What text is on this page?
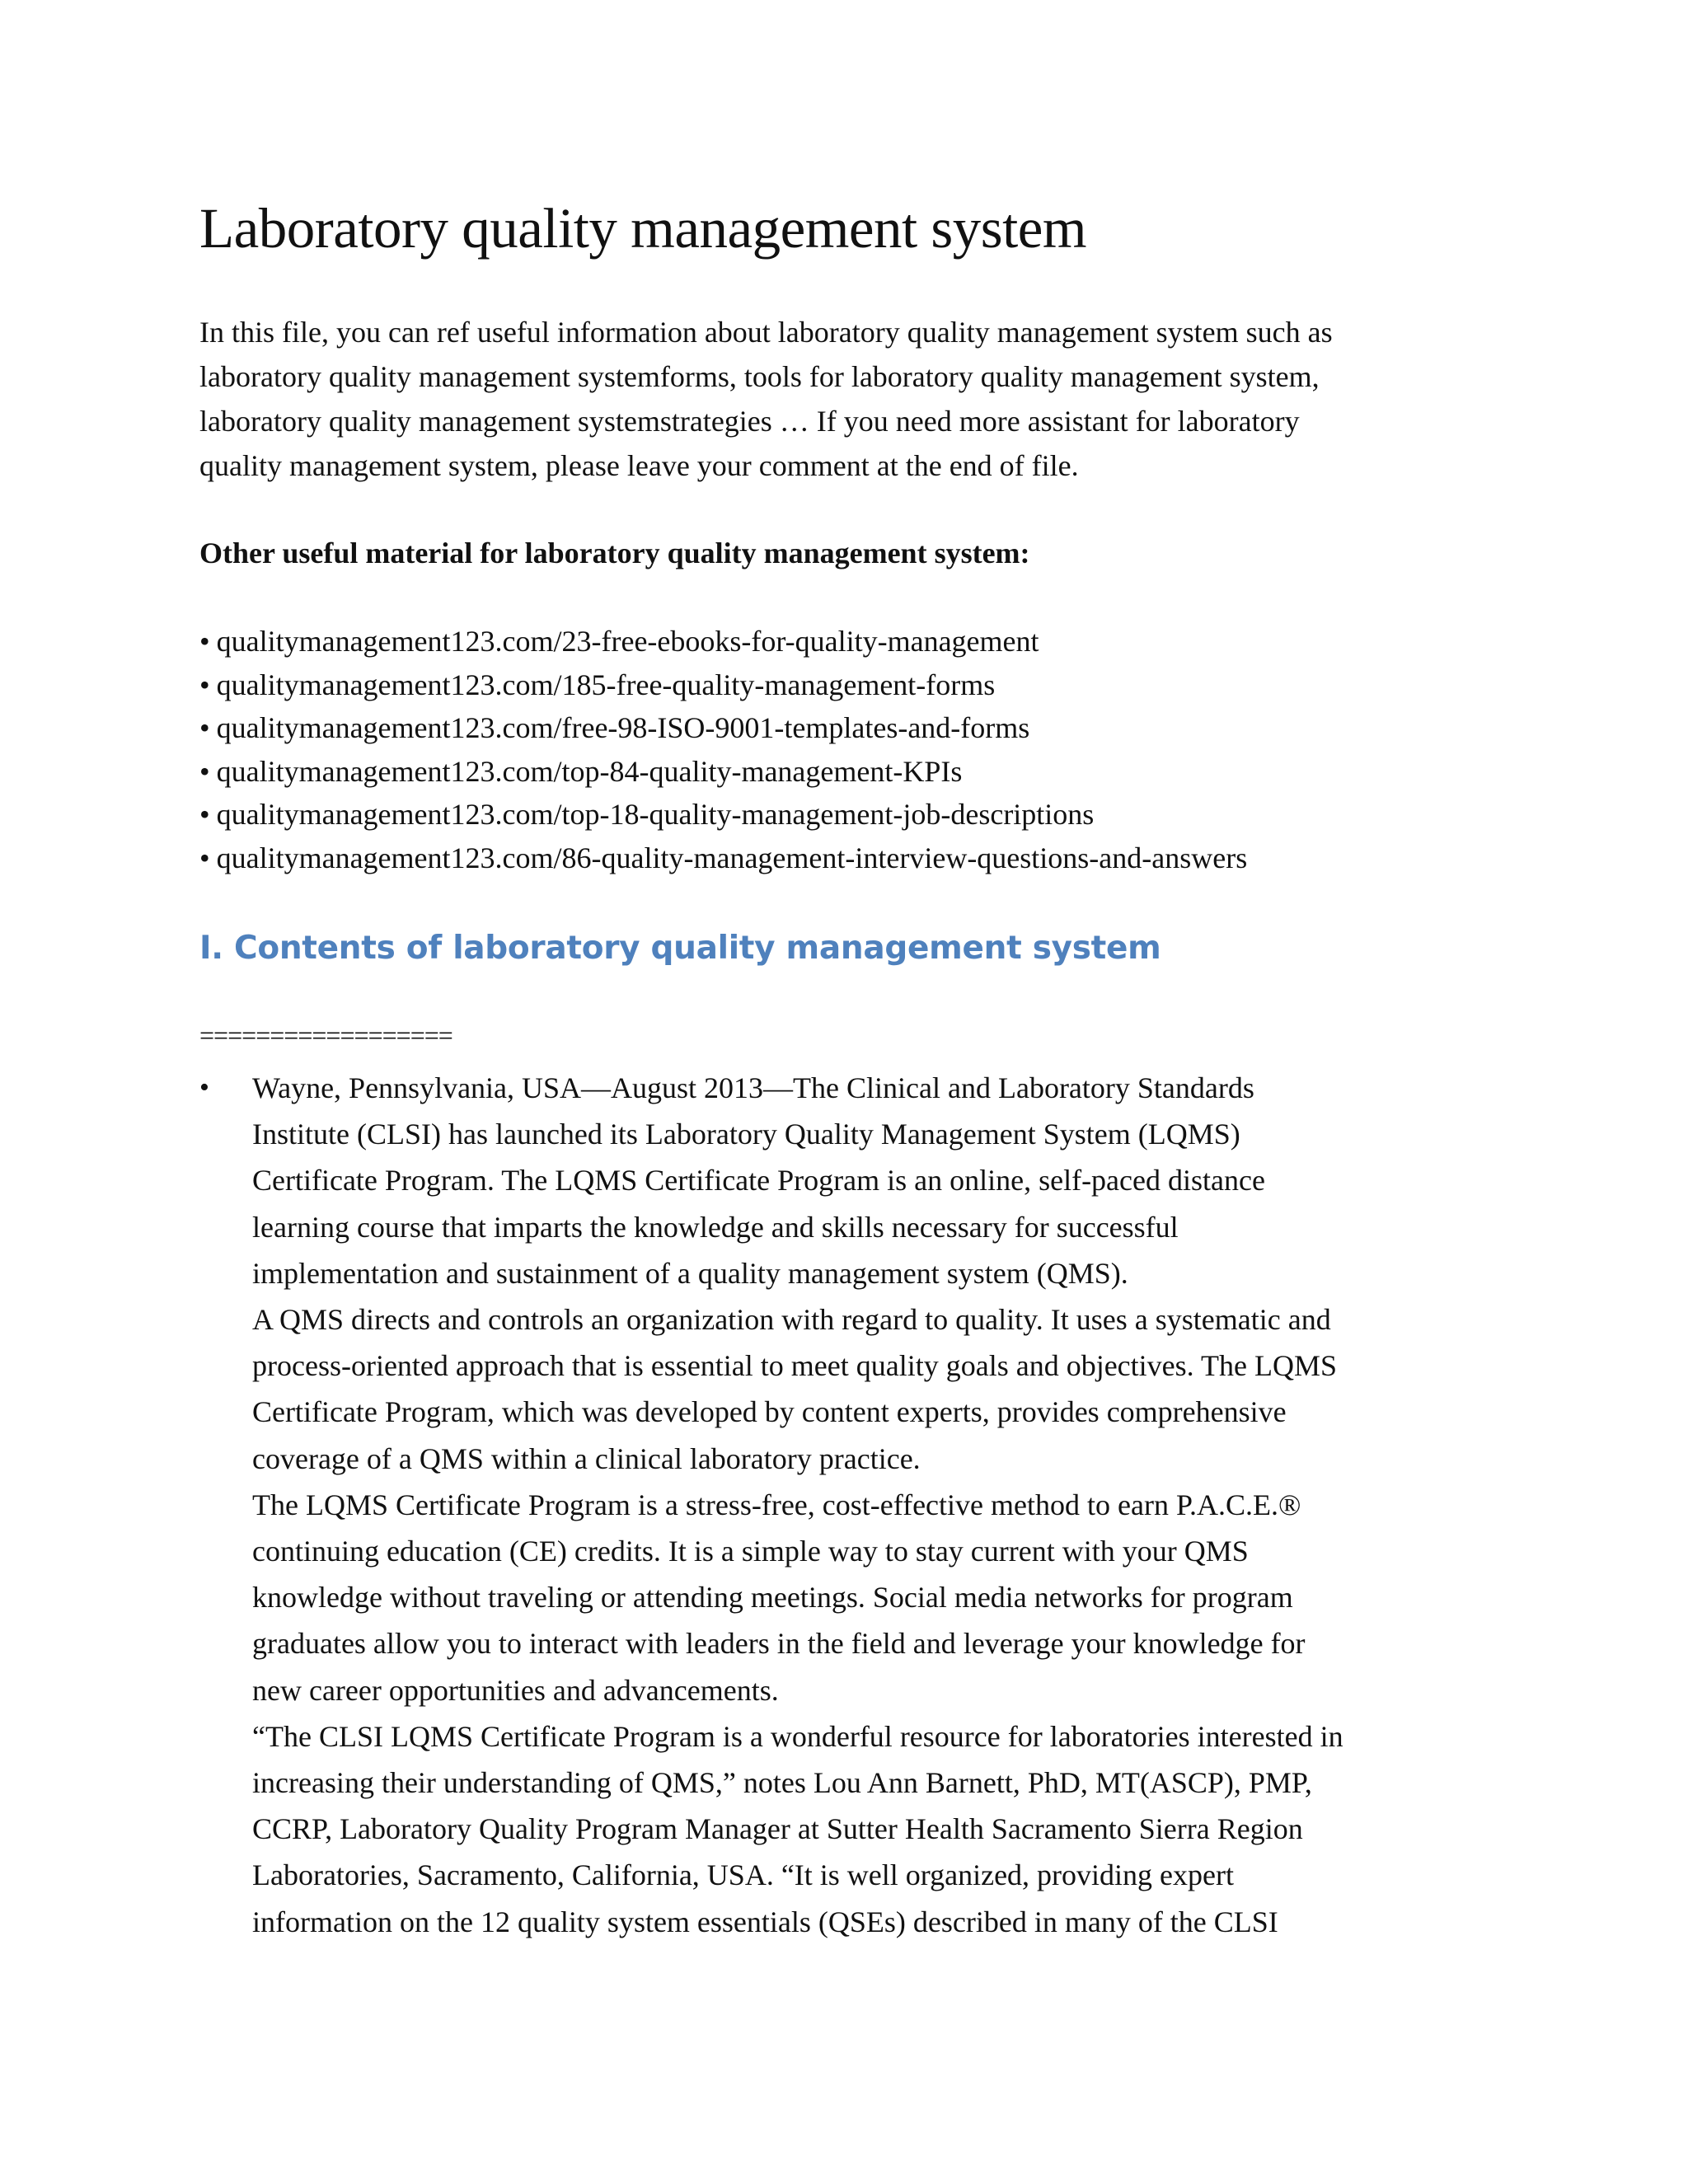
Laboratory quality management system
In this file, you can ref useful information about laboratory quality management system such as
laboratory quality management systemforms, tools for laboratory quality management system,
laboratory quality management systemstrategies … If you need more assistant for laboratory
quality management system, please leave your comment at the end of file.
Other useful material for laboratory quality management system:
• qualitymanagement123.com/23-free-ebooks-for-quality-management
• qualitymanagement123.com/185-free-quality-management-forms
• qualitymanagement123.com/free-98-ISO-9001-templates-and-forms
• qualitymanagement123.com/top-84-quality-management-KPIs
• qualitymanagement123.com/top-18-quality-management-job-descriptions
• qualitymanagement123.com/86-quality-management-interview-questions-and-answers
I. Contents of laboratory quality management system
==================
• Wayne, Pennsylvania, USA—August 2013—The Clinical and Laboratory Standards
Institute (CLSI) has launched its Laboratory Quality Management System (LQMS)
Certificate Program. The LQMS Certificate Program is an online, self-paced distance
learning course that imparts the knowledge and skills necessary for successful
implementation and sustainment of a quality management system (QMS).
A QMS directs and controls an organization with regard to quality. It uses a systematic and
process-oriented approach that is essential to meet quality goals and objectives. The LQMS
Certificate Program, which was developed by content experts, provides comprehensive
coverage of a QMS within a clinical laboratory practice.
The LQMS Certificate Program is a stress-free, cost-effective method to earn P.A.C.E.®
continuing education (CE) credits. It is a simple way to stay current with your QMS
knowledge without traveling or attending meetings. Social media networks for program
graduates allow you to interact with leaders in the field and leverage your knowledge for
new career opportunities and advancements.
“The CLSI LQMS Certificate Program is a wonderful resource for laboratories interested in
increasing their understanding of QMS,” notes Lou Ann Barnett, PhD, MT(ASCP), PMP,
CCRP, Laboratory Quality Program Manager at Sutter Health Sacramento Sierra Region
Laboratories, Sacramento, California, USA. “It is well organized, providing expert
information on the 12 quality system essentials (QSEs) described in many of the CLSI
